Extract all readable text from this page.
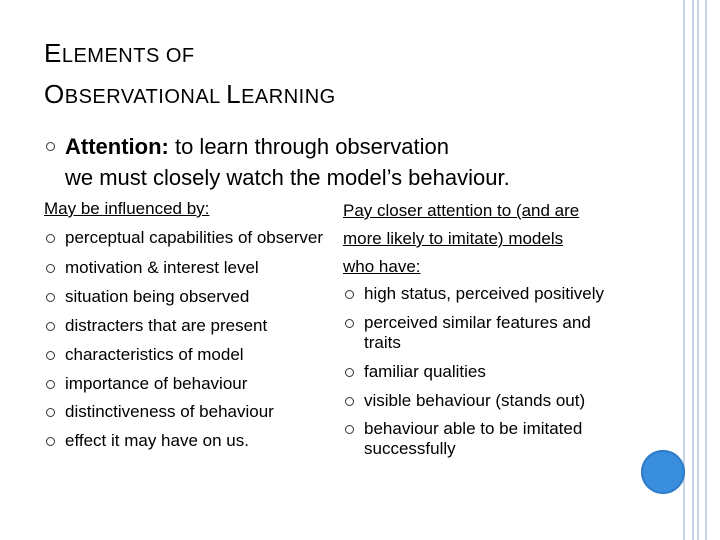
ELEMENTS OF
OBSERVATIONAL LEARNING
Attention: to learn through observation
we must closely watch the model’s behaviour.
May be influenced by:
perceptual capabilities of observer
motivation & interest level
situation being observed
distracters that are present
characteristics of model
importance of behaviour
distinctiveness of behaviour
effect it may have on us.
Pay closer attention to (and are
more likely to imitate) models
who have:
high status, perceived positively
perceived similar features and traits
familiar qualities
visible behaviour (stands out)
behaviour able to be imitated successfully
